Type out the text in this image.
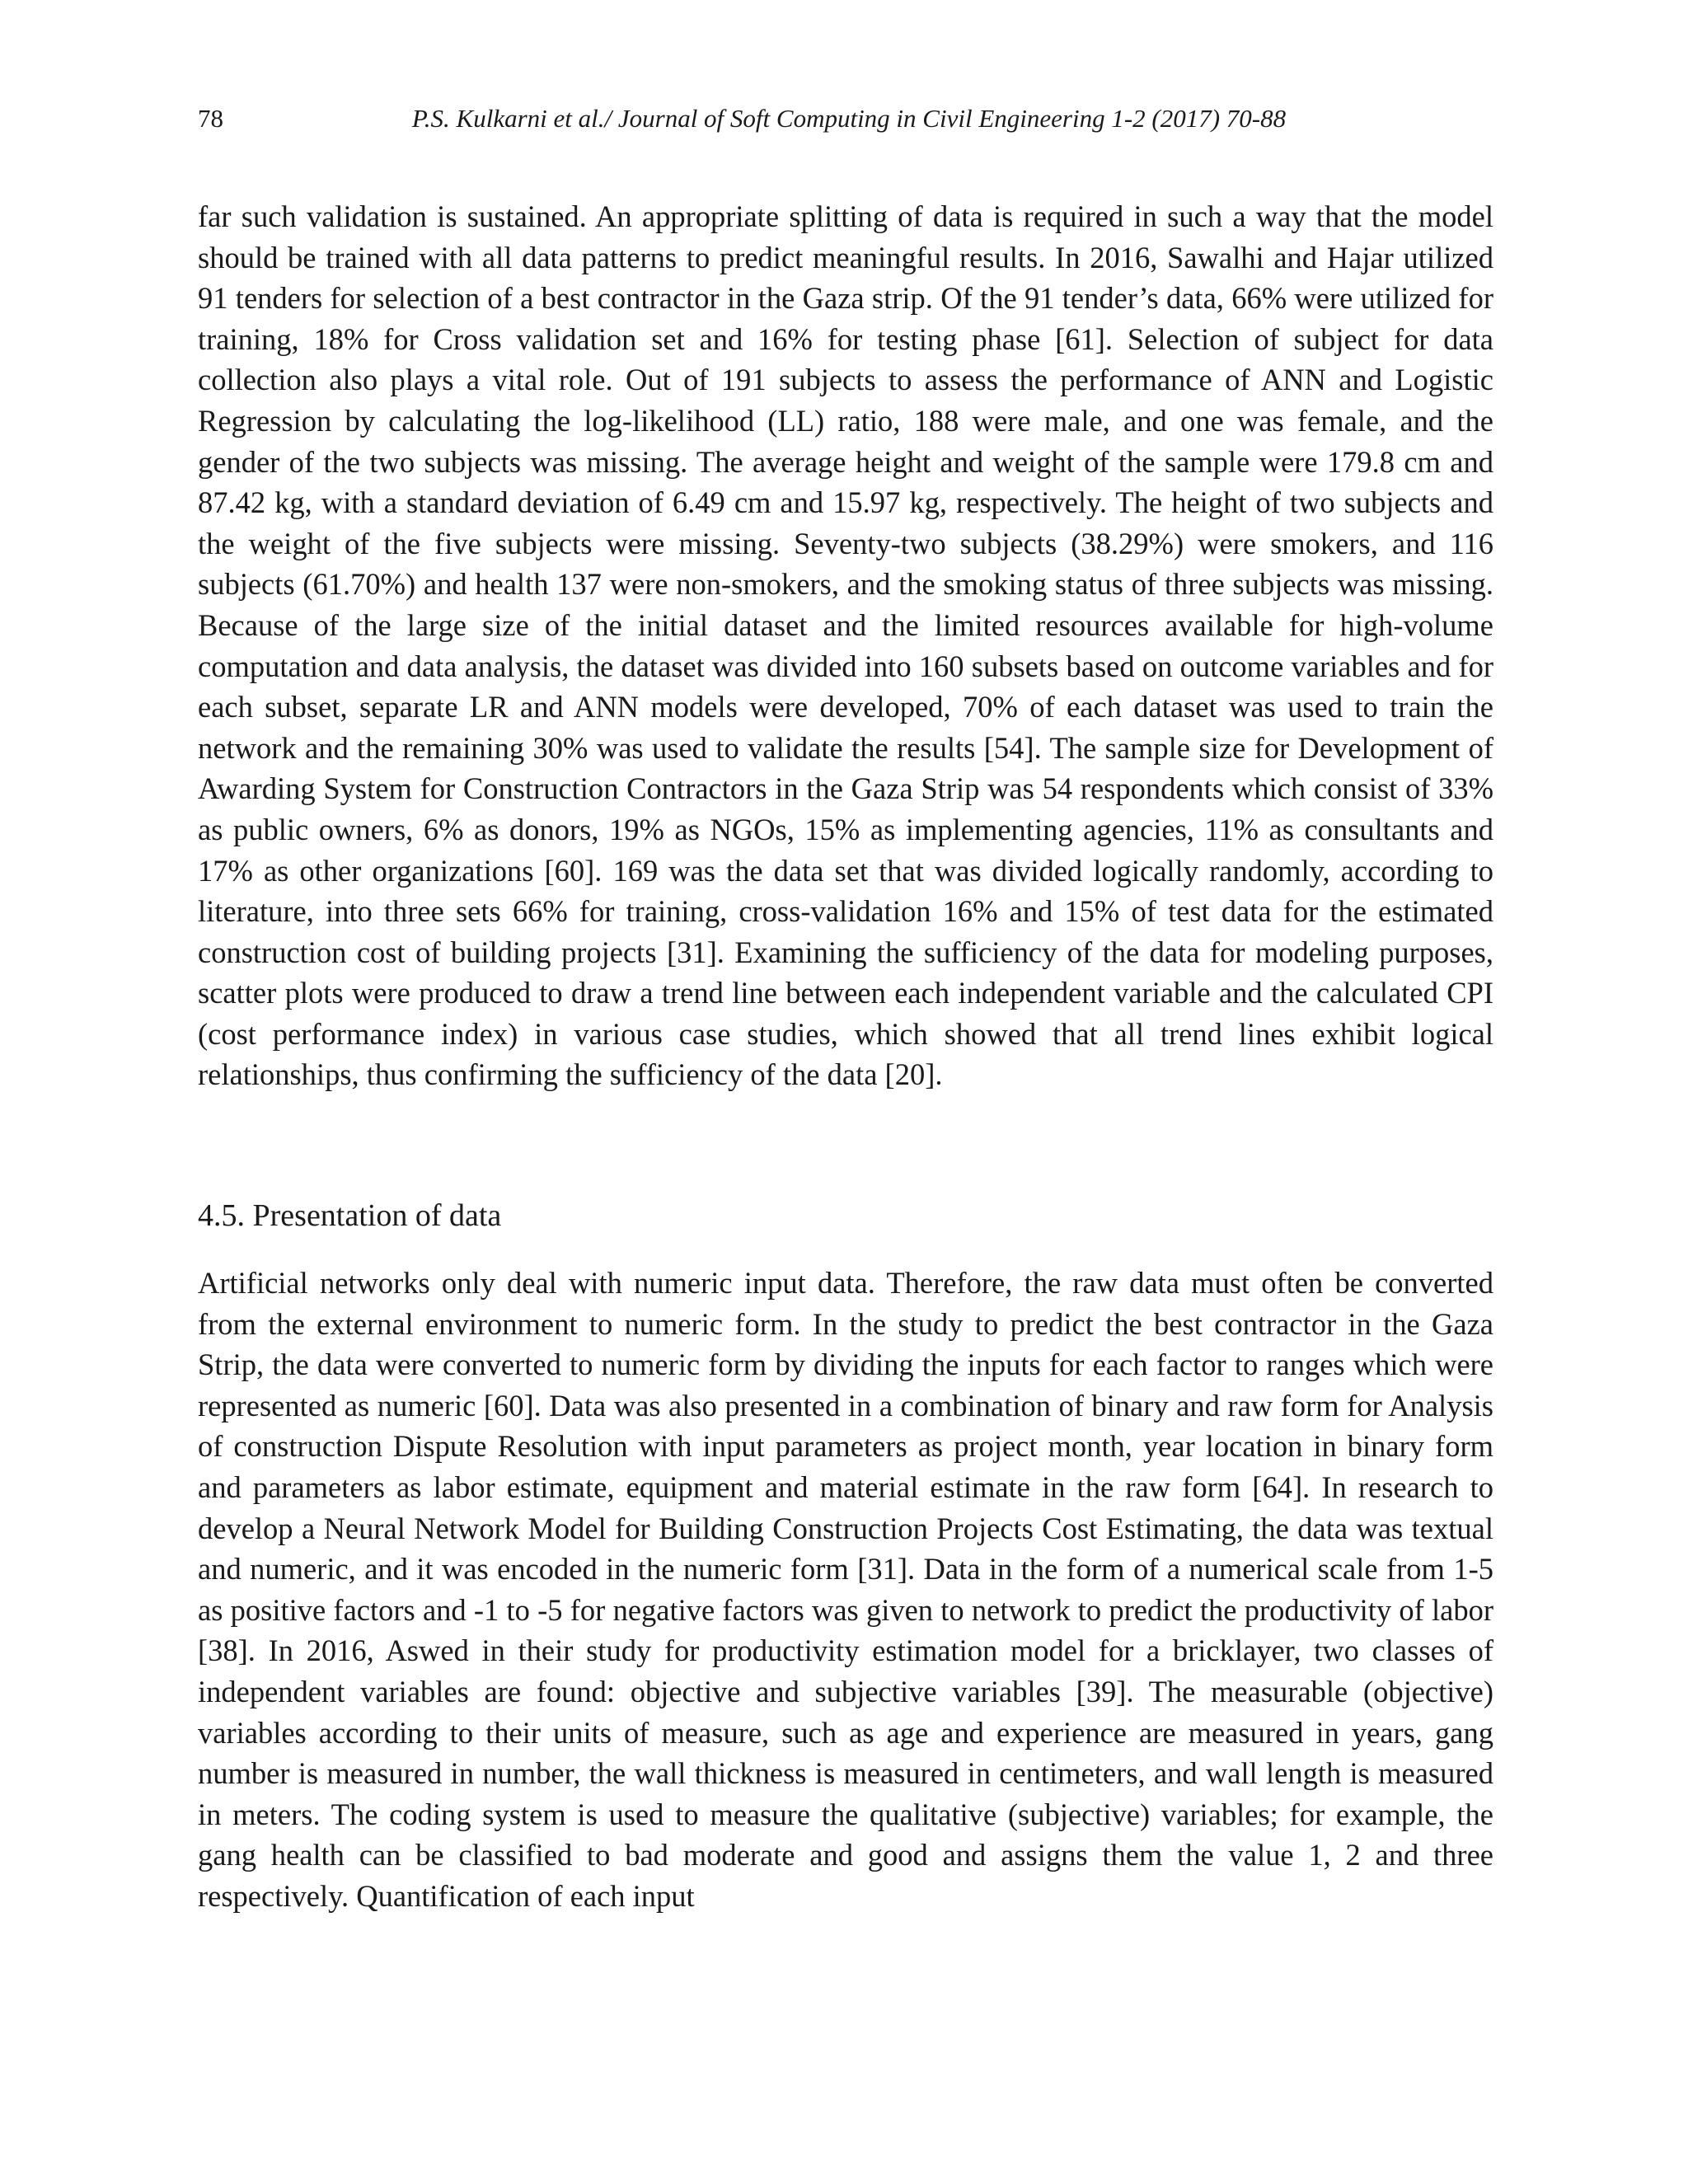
78	P.S. Kulkarni et al./ Journal of Soft Computing in Civil Engineering 1-2 (2017) 70-88

far such validation is sustained. An appropriate splitting of data is required in such a way that the model should be trained with all data patterns to predict meaningful results. In 2016, Sawalhi and Hajar utilized 91 tenders for selection of a best contractor in the Gaza strip. Of the 91 tender’s data, 66% were utilized for training, 18% for Cross validation set and 16% for testing phase [61]. Selection of subject for data collection also plays a vital role. Out of 191 subjects to assess the performance of ANN and Logistic Regression by calculating the log-likelihood (LL) ratio, 188 were male, and one was female, and the gender of the two subjects was missing. The average height and weight of the sample were 179.8 cm and 87.42 kg, with a standard deviation of 6.49 cm and 15.97 kg, respectively. The height of two subjects and the weight of the five subjects were missing. Seventy-two subjects (38.29%) were smokers, and 116 subjects (61.70%) and health 137 were non-smokers, and the smoking status of three subjects was missing. Because of the large size of the initial dataset and the limited resources available for high-volume computation and data analysis, the dataset was divided into 160 subsets based on outcome variables and for each subset, separate LR and ANN models were developed, 70% of each dataset was used to train the network and the remaining 30% was used to validate the results [54]. The sample size for Development of Awarding System for Construction Contractors in the Gaza Strip was 54 respondents which consist of 33% as public owners, 6% as donors, 19% as NGOs, 15% as implementing agencies, 11% as consultants and 17% as other organizations [60]. 169 was the data set that was divided logically randomly, according to literature, into three sets 66% for training, cross-validation 16% and 15% of test data for the estimated construction cost of building projects [31]. Examining the sufficiency of the data for modeling purposes, scatter plots were produced to draw a trend line between each independent variable and the calculated CPI (cost performance index) in various case studies, which showed that all trend lines exhibit logical relationships, thus confirming the sufficiency of the data [20].

4.5. Presentation of data

Artificial networks only deal with numeric input data. Therefore, the raw data must often be converted from the external environment to numeric form. In the study to predict the best contractor in the Gaza Strip, the data were converted to numeric form by dividing the inputs for each factor to ranges which were represented as numeric [60]. Data was also presented in a combination of binary and raw form for Analysis of construction Dispute Resolution with input parameters as project month, year location in binary form and parameters as labor estimate, equipment and material estimate in the raw form [64]. In research to develop a Neural Network Model for Building Construction Projects Cost Estimating, the data was textual and numeric, and it was encoded in the numeric form [31]. Data in the form of a numerical scale from 1-5 as positive factors and -1 to -5 for negative factors was given to network to predict the productivity of labor [38]. In 2016, Aswed in their study for productivity estimation model for a bricklayer, two classes of independent variables are found: objective and subjective variables [39]. The measurable (objective) variables according to their units of measure, such as age and experience are measured in years, gang number is measured in number, the wall thickness is measured in centimeters, and wall length is measured in meters. The coding system is used to measure the qualitative (subjective) variables; for example, the gang health can be classified to bad moderate and good and assigns them the value 1, 2 and three respectively. Quantification of each input
